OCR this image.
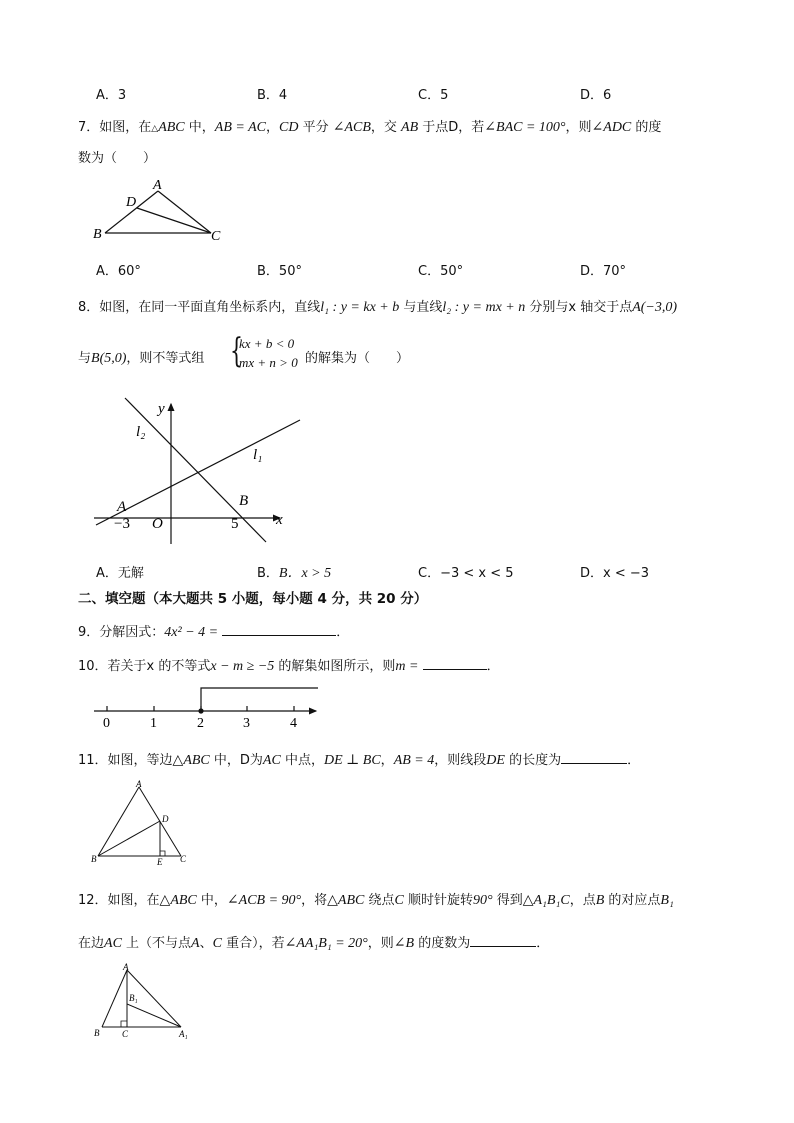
A．3	B．4	C．5	D．6
7．如图，在△ABC 中，AB = AC，CD 平分 ∠ACB，交 AB 于点D，若∠BAC = 100°，则∠ADC 的度
数为（　　）
A
D
B	C
A．60°	B．50°	C．50°	D．70°
8．如图，在同一平面直角坐标系内，直线l₁ : y = kx + b 与直线l₂ : y = mx + n 分别与x 轴交于点A(−3,0)
与B(5,0)，则不等式组 {
kx + b < 0
mx + n > 0 的解集为（　　）
y
l₂
l₁
A	B
−3 O	5	x
A．无解	B．B．x > 5	C．−3 < x < 5	D．x < −3
二、填空题（本大题共 5 小题，每小题 4 分，共 20 分）
9．分解因式：4x² − 4 =	．
10．若关于x 的不等式x − m ≥ −5 的解集如图所示，则m =	．
0	1	2	3	4
11．如图，等边△ABC 中，D为AC 中点，DE ⊥ BC，AB = 4，则线段DE 的长度为	．
A
D
B	E C
12．如图，在△ABC 中，∠ACB = 90°，将△ABC 绕点C 顺时针旋转90° 得到△A₁B₁C，点B 的对应点B₁
在边AC 上（不与点A、C 重合），若∠AA₁B₁ = 20°，则∠B 的度数为	．
A
B₁
B	C	A₁
